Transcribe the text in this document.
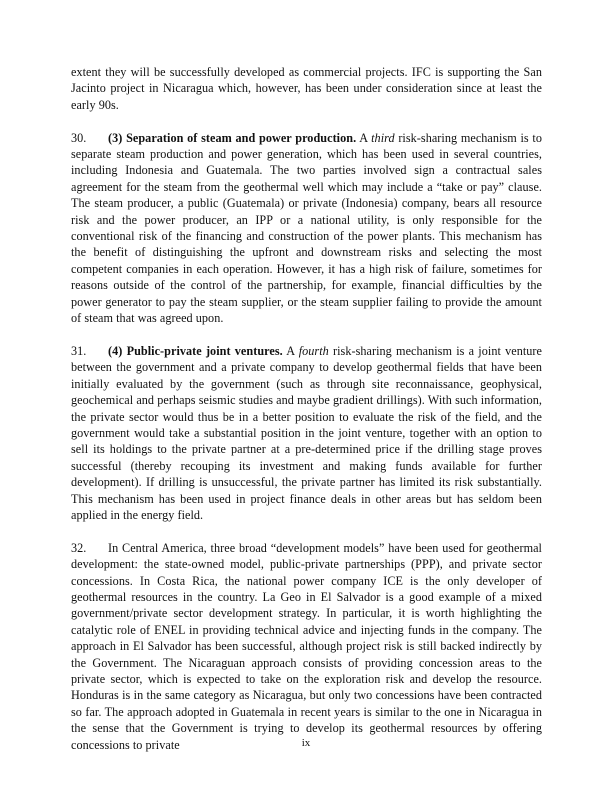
extent they will be successfully developed as commercial projects. IFC is supporting the San Jacinto project in Nicaragua which, however, has been under consideration since at least the early 90s.
30. (3) Separation of steam and power production. A third risk-sharing mechanism is to separate steam production and power generation, which has been used in several countries, including Indonesia and Guatemala. The two parties involved sign a contractual sales agreement for the steam from the geothermal well which may include a “take or pay” clause. The steam producer, a public (Guatemala) or private (Indonesia) company, bears all resource risk and the power producer, an IPP or a national utility, is only responsible for the conventional risk of the financing and construction of the power plants. This mechanism has the benefit of distinguishing the upfront and downstream risks and selecting the most competent companies in each operation. However, it has a high risk of failure, sometimes for reasons outside of the control of the partnership, for example, financial difficulties by the power generator to pay the steam supplier, or the steam supplier failing to provide the amount of steam that was agreed upon.
31. (4) Public-private joint ventures. A fourth risk-sharing mechanism is a joint venture between the government and a private company to develop geothermal fields that have been initially evaluated by the government (such as through site reconnaissance, geophysical, geochemical and perhaps seismic studies and maybe gradient drillings). With such information, the private sector would thus be in a better position to evaluate the risk of the field, and the government would take a substantial position in the joint venture, together with an option to sell its holdings to the private partner at a pre-determined price if the drilling stage proves successful (thereby recouping its investment and making funds available for further development). If drilling is unsuccessful, the private partner has limited its risk substantially. This mechanism has been used in project finance deals in other areas but has seldom been applied in the energy field.
32. In Central America, three broad “development models” have been used for geothermal development: the state-owned model, public-private partnerships (PPP), and private sector concessions. In Costa Rica, the national power company ICE is the only developer of geothermal resources in the country. La Geo in El Salvador is a good example of a mixed government/private sector development strategy. In particular, it is worth highlighting the catalytic role of ENEL in providing technical advice and injecting funds in the company. The approach in El Salvador has been successful, although project risk is still backed indirectly by the Government. The Nicaraguan approach consists of providing concession areas to the private sector, which is expected to take on the exploration risk and develop the resource. Honduras is in the same category as Nicaragua, but only two concessions have been contracted so far. The approach adopted in Guatemala in recent years is similar to the one in Nicaragua in the sense that the Government is trying to develop its geothermal resources by offering concessions to private	ix
